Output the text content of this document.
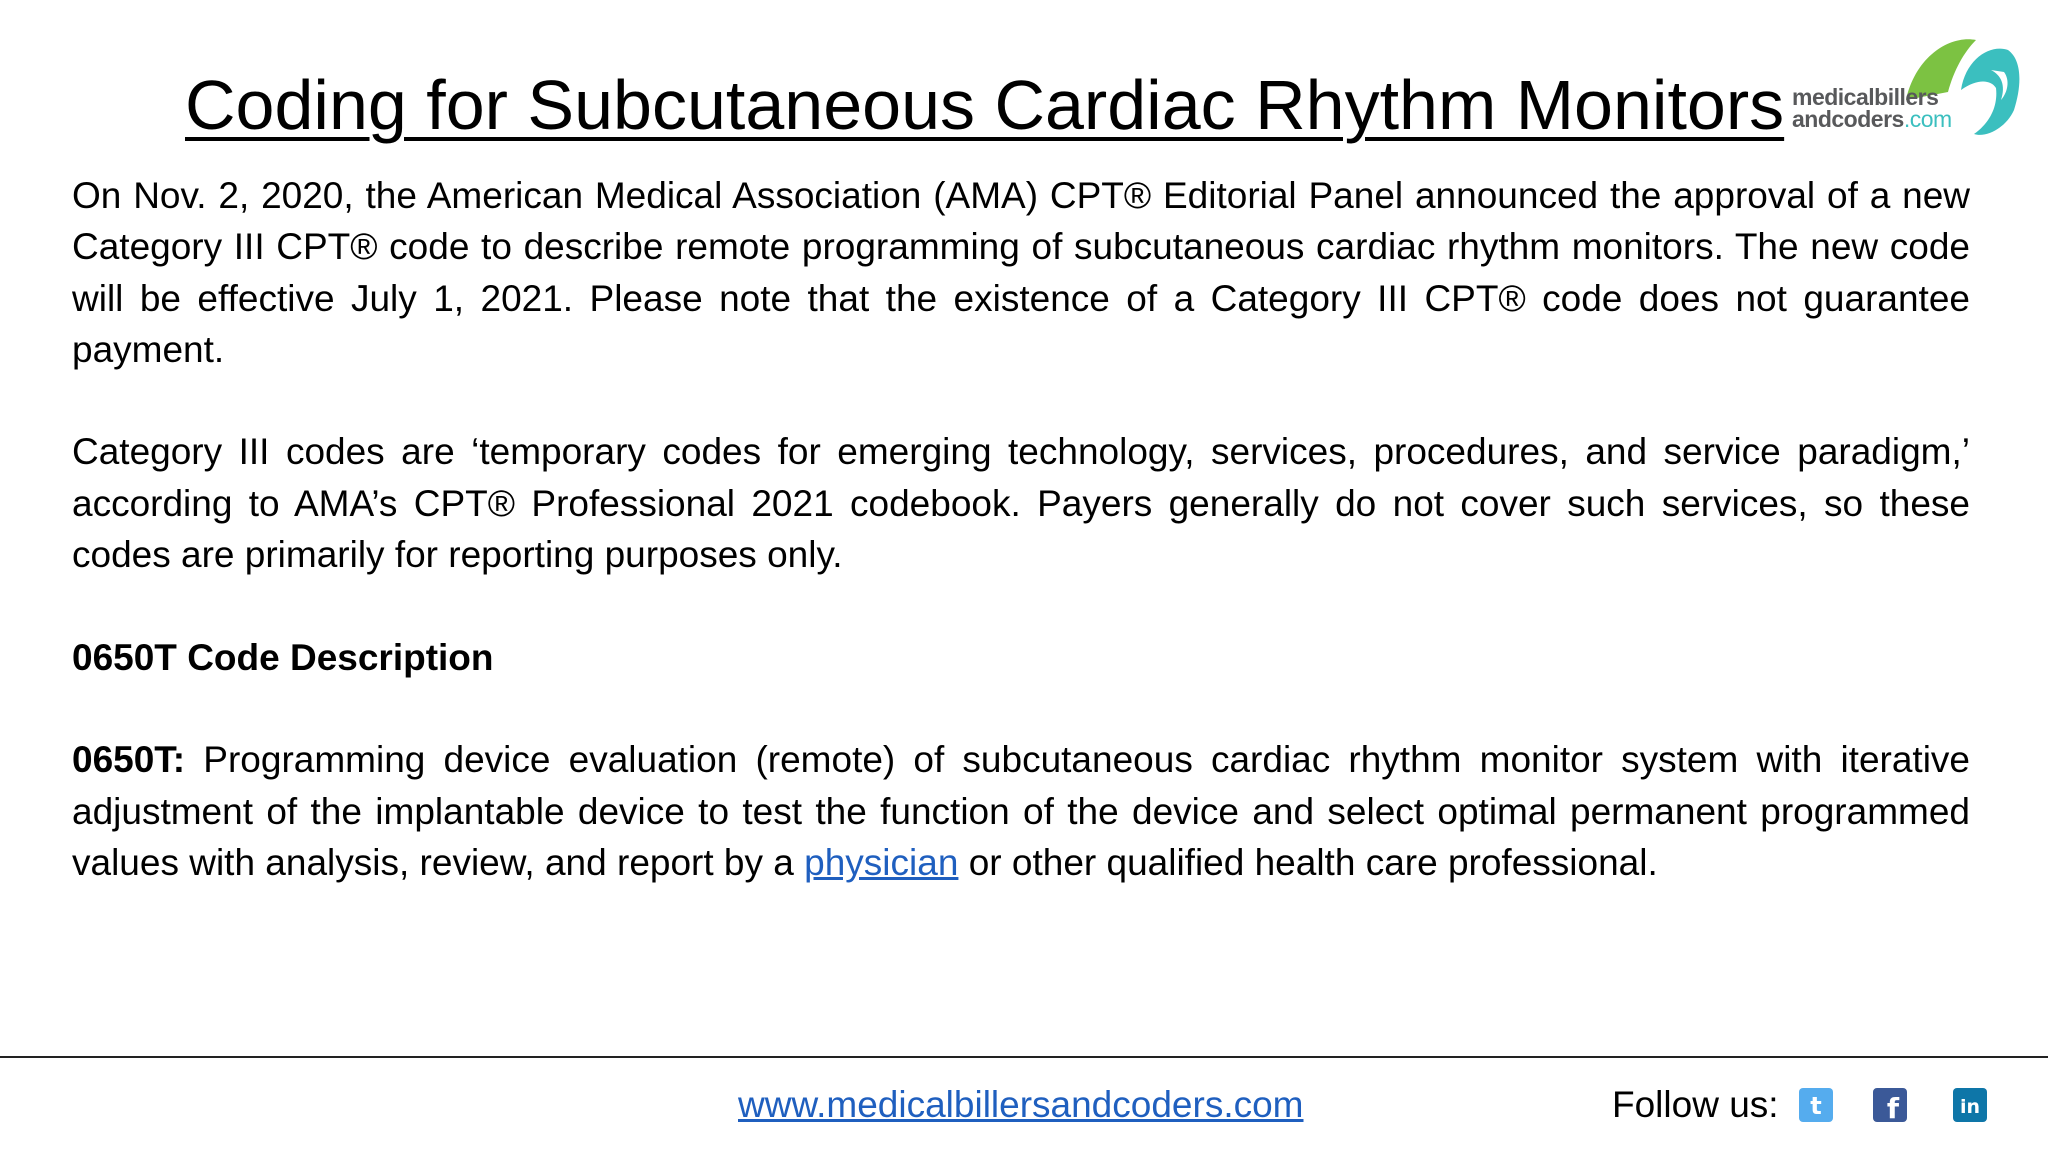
Coding for Subcutaneous Cardiac Rhythm Monitors medicalbillers
andcoders.com

On Nov. 2, 2020, the American Medical Association (AMA) CPT® Editorial Panel announced the approval of a new Category III CPT® code to describe remote programming of subcutaneous cardiac rhythm monitors. The new code will be effective July 1, 2021. Please note that the existence of a Category III CPT® code does not guarantee payment.

Category III codes are ‘temporary codes for emerging technology, services, procedures, and service paradigm,’ according to AMA’s CPT® Professional 2021 codebook. Payers generally do not cover such services, so these codes are primarily for reporting purposes only.

0650T Code Description

0650T: Programming device evaluation (remote) of subcutaneous cardiac rhythm monitor system with iterative adjustment of the implantable device to test the function of the device and select optimal permanent programmed values with analysis, review, and report by a physician or other qualified health care professional.

www.medicalbillersandcoders.com	Follow us: t f	in
